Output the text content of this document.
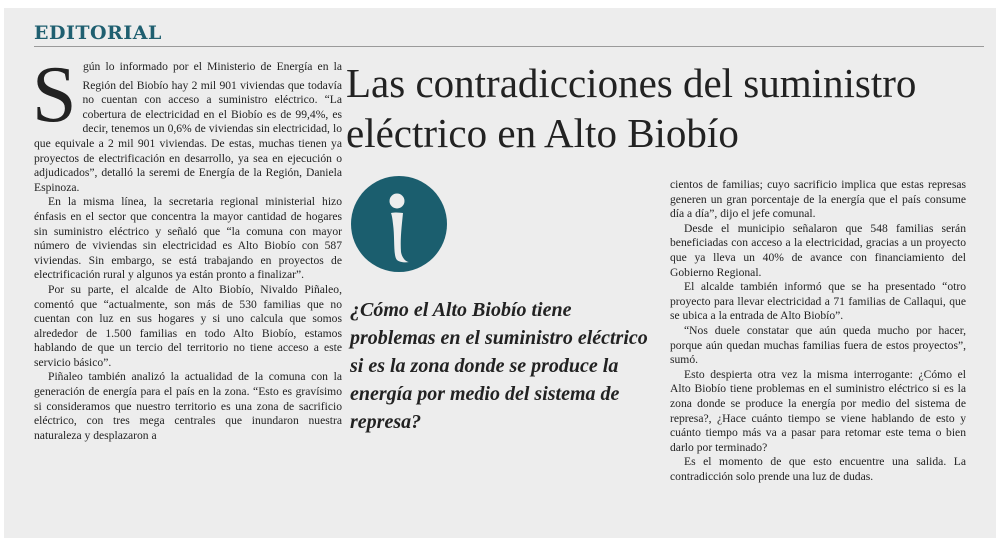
EDITORIAL
S egún lo informado por el Ministerio de Energía en la Región del Biobío hay 2 mil 901 viviendas que todavía no cuentan con acceso a suministro eléctrico. “La cobertura de electricidad en el Biobío es de 99,4%, es decir, tenemos un 0,6% de viviendas sin electricidad, lo que equivale a 2 mil 901 viviendas. De estas, muchas tienen ya proyectos de electrificación en desarrollo, ya sea en ejecución o adjudicados”, detalló la seremi de Energía de la Región, Daniela Espinoza.

En la misma línea, la secretaria regional ministerial hizo énfasis en el sector que concentra la mayor cantidad de hogares sin suministro eléctrico y señaló que “la comuna con mayor número de viviendas sin electricidad es Alto Biobío con 587 viviendas. Sin embargo, se está trabajando en proyectos de electrificación rural y algunos ya están pronto a finalizar”.

Por su parte, el alcalde de Alto Biobío, Nivaldo Piñaleo, comentó que “actualmente, son más de 530 familias que no cuentan con luz en sus hogares y si uno calcula que somos alrededor de 1.500 familias en todo Alto Biobío, estamos hablando de que un tercio del territorio no tiene acceso a este servicio básico”.

Piñaleo también analizó la actualidad de la comuna con la generación de energía para el país en la zona. “Esto es gravísimo si consideramos que nuestro territorio es una zona de sacrificio eléctrico, con tres mega centrales que inundaron nuestra naturaleza y desplazaron a

Las contradicciones del suministro eléctrico en Alto Biobío

¿Cómo el Alto Biobío tiene problemas en el suministro eléctrico si es la zona donde se produce la energía por medio del sistema de represa?

cientos de familias; cuyo sacrificio implica que estas represas generen un gran porcentaje de la energía que el país consume día a día”, dijo el jefe comunal.

Desde el municipio señalaron que 548 familias serán beneficiadas con acceso a la electricidad, gracias a un proyecto que ya lleva un 40% de avance con financiamiento del Gobierno Regional.

El alcalde también informó que se ha presentado “otro proyecto para llevar electricidad a 71 familias de Callaqui, que se ubica a la entrada de Alto Biobío”.

“Nos duele constatar que aún queda mucho por hacer, porque aún quedan muchas familias fuera de estos proyectos”, sumó.

Esto despierta otra vez la misma interrogante: ¿Cómo el Alto Biobío tiene problemas en el suministro eléctrico si es la zona donde se produce la energía por medio del sistema de represa?, ¿Hace cuánto tiempo se viene hablando de esto y cuánto tiempo más va a pasar para retomar este tema o bien darlo por terminado?

Es el momento de que esto encuentre una salida. La contradicción solo prende una luz de dudas.
